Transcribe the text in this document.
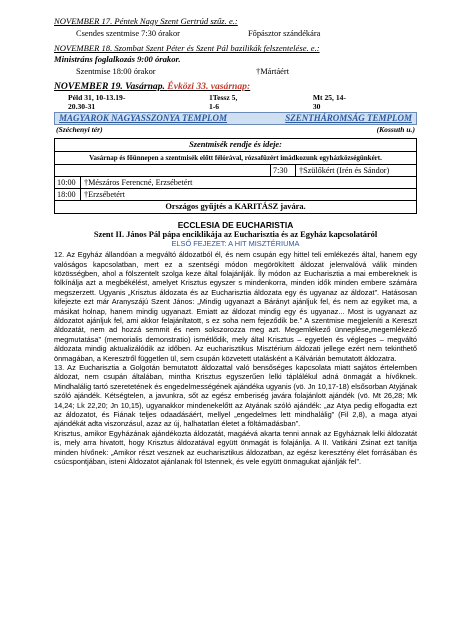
NOVEMBER 17. Péntek Nagy Szent Gertrúd szűz. e.:
Csendes szentmise 7:30 órakor	Főpásztor szándékára
NOVEMBER 18. Szombat Szent Péter és Szent Pál bazilikák felszentelése. e.:
Ministráns foglalkozás 9:00 órakor.
Szentmise 18:00 órakor	†Mártáért
NOVEMBER 19. Vasárnap. Évközi 33. vasárnap:
Péld 31, 10-13.19-20.30-31
1Tessz 5, 1-6
Mt 25, 14-30
MAGYAROK NAGYASSZONYA TEMPLOM	SZENTHÁROMSÁG TEMPLOM
(Széchenyi tér)	(Kossuth u.)
Szentmisék rendje és ideje:
Vasárnap és főünnepen a szentmisék előtt félórával, rózsafüzért imádkozunk egyházközségünkért.
7:30	†Szülőkért (Irén és Sándor)
10:00	†Mészáros Ferencné, Erzsébetért
18:00	†Erzsébetért
Országos gyűjtés a KARITÁSZ javára.
ECCLESIA DE EUCHARISTIA
Szent II. János Pál pápa enciklikája az Eucharisztia és az Egyház kapcsolatáról
ELSŐ FEJEZET: A HIT MISZTÉRIUMA

12. Az Egyház állandóan a megváltó áldozatból él, és nem csupán egy hittel teli emlékezés által, hanem egy valóságos kapcsolatban, mert ez a szentségi módon megörökített áldozat jelenvalóvá válik minden közösségben, ahol a fölszentelt szolga keze által folajánlják. Íly módon az Eucharisztia a mai embereknek is fölkínálja azt a megbékélést, amelyet Krisztus egyszer s mindenkorra, minden idők minden embere számára megszerzett. Ugyanis „Krisztus áldozata és az Eucharisztia áldozata egy és ugyanaz az áldozat”. Hatásosan kifejezte ezt már Aranyszájú Szent János: „Mindig ugyanazt a Bárányt ajánljuk fel, és nem az egyiket ma, a másikat holnap, hanem mindig ugyanazt. Emiatt az áldozat mindig egy és ugyanaz... Most is ugyanazt az áldozatot ajánljuk fel, ami akkor felajánltatott, s ez soha nem fejeződik be.” A szentmise megjeleníti a Kereszt áldozatát, nem ad hozzá semmit és nem sokszorozza meg azt. Megemlékező ünneplése„megemlékező megmutatása” (memorialis demonstratio) ismétlődik, mely által Krisztus – egyetlen és végleges – megváltó áldozata mindig aktualizálódik az időben. Az eucharisztikus Misztérium áldozati jellege ezért nem tekinthető önmagában, a Keresztről független ül, sem csupán közvetett utalásként a Kálvárián bemutatott áldozatra.

13. Az Eucharisztia a Golgotán bemutatott áldozattal való bensőséges kapcsolata miatt sajátos értelemben áldozat, nem csupán általában, mintha Krisztus egyszerűen lelki táplálékul adná önmagát a hívőknek. Mindhalálig tartó szeretetének és engedelmességének ajándéka ugyanis (vö. Jn 10,17-18) elsősorban Atyjának szóló ajándék. Kétségtelen, a javunkra, sőt az egész emberiség javára folajánlott ajándék (vö. Mt 26,28; Mk 14,24; Lk 22,20; Jn 10,15), ugyanakkor mindenekelőtt az Atyának szóló ajándék: „az Atya pedig elfogadta ezt az áldozatot, és Fiának teljes odaadásáért, mellyel „engedelmes lett mindhalálig” (Fil 2,8), a maga atyai ajándékát adta viszonzásul, azaz az új, halhatatlan életet a föltámadásban”.

Krisztus, amikor Egyházának ajándékozta áldozatát, magáévá akarta tenni annak az Egyháznak lelki áldozatát is, mely arra hivatott, hogy Krisztus áldozatával együtt önmagát is folajánlja. A II. Vatikáni Zsinat ezt tanítja minden hívőnek: „Amikor részt vesznek az eucharisztikus áldozatban, az egész keresztény élet forrásában és csúcspontjában, isteni Áldozatot ajánlanak föl Istennek, és vele együtt önmagukat ajánlják fel”.
